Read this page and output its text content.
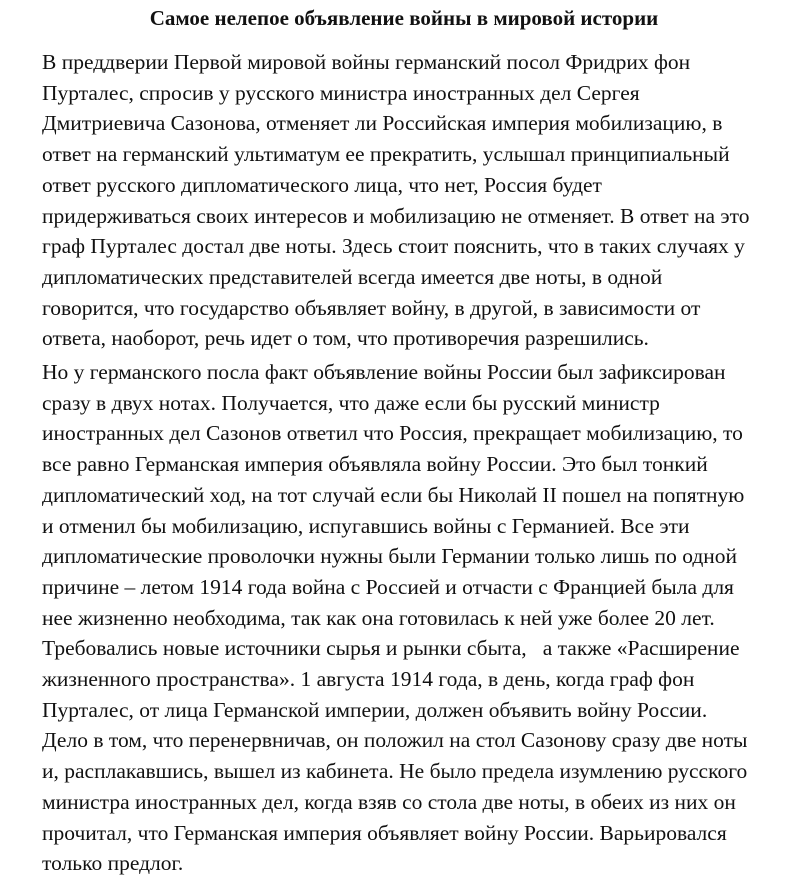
Самое нелепое объявление войны в мировой истории
В преддверии Первой мировой войны германский посол Фридрих фон
Пурталес, спросив у русского министра иностранных дел Сергея
Дмитриевича Сазонова, отменяет ли Российская империя мобилизацию, в
ответ на германский ультиматум ее прекратить, услышал принципиальный
ответ русского дипломатического лица, что нет, Россия будет
придерживаться своих интересов и мобилизацию не отменяет. В ответ на это
граф Пурталес достал две ноты. Здесь стоит пояснить, что в таких случаях у
дипломатических представителей всегда имеется две ноты, в одной
говорится, что государство объявляет войну, в другой, в зависимости от
ответа, наоборот, речь идет о том, что противоречия разрешились.
Но у германского посла факт объявление войны России был зафиксирован
сразу в двух нотах. Получается, что даже если бы русский министр
иностранных дел Сазонов ответил что Россия, прекращает мобилизацию, то
все равно Германская империя объявляла войну России. Это был тонкий
дипломатический ход, на тот случай если бы Николай II пошел на попятную
и отменил бы мобилизацию, испугавшись войны с Германией. Все эти
дипломатические проволочки нужны были Германии только лишь по одной
причине – летом 1914 года война с Россией и отчасти с Францией была для
нее жизненно необходима, так как она готовилась к ней уже более 20 лет.
Требовались новые источники сырья и рынки сбыта,   а также «Расширение
жизненного пространства». 1 августа 1914 года, в день, когда граф фон
Пурталес, от лица Германской империи, должен объявить войну России.
Дело в том, что перенервничав, он положил на стол Сазонову сразу две ноты
и, расплакавшись, вышел из кабинета. Не было предела изумлению русского
министра иностранных дел, когда взяв со стола две ноты, в обеих из них он
прочитал, что Германская империя объявляет войну России. Варьировался
только предлог.
